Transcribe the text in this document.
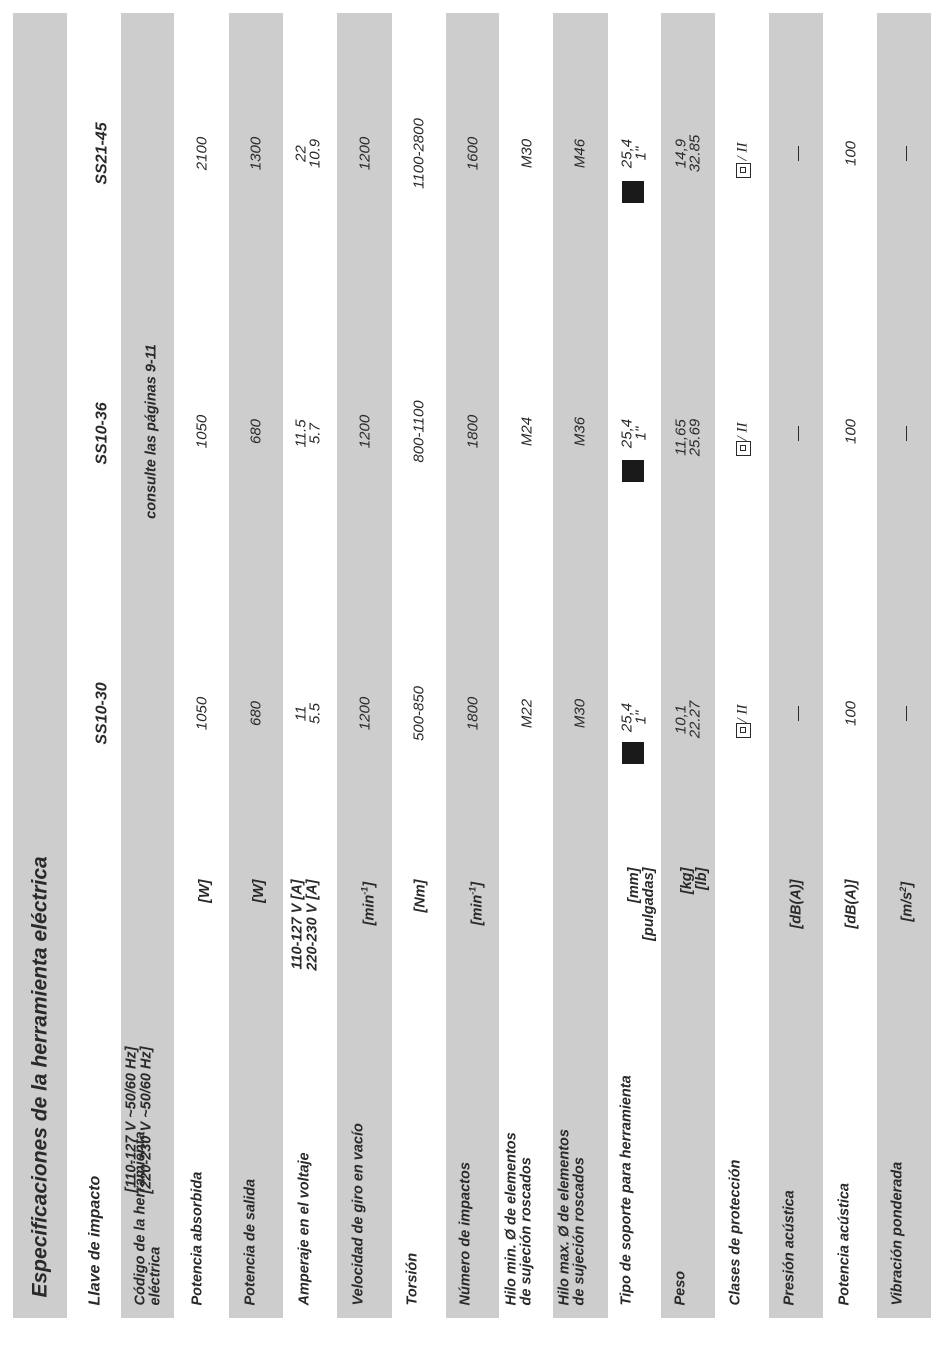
Especificaciones de la herramienta eléctrica Llave de impacto
SS10-30
SS10-36
SS21-45
Código de la herramienta eléctrica
[110-127 V ~50/60 Hz] [220-230 V ~50/60 Hz]
consulte las páginas 9-11
Potencia absorbida
[W]
1050
1050
2100
Potencia de salida
[W]
680
680
1300
Amperaje en el voltaje
110-127 V [A] 220-230 V [A]
11
5.5
11.5
5.7
22
10.9
Velocidad de giro en vacío
$[\min^{-1}]$
1200
1200
1200
Torsión
[Nm]
500-850
800-1100
1100-2800
Número de impactos
$[\min^{-1}]$
1800
1800
1600
Hilo min. Ø de elementos de sujeción roscados
M22
M24
M30
Hilo max. Ø de elementos de sujeción roscados
M30
M36
M46
Tipo de soporte para herramienta
[mm] [pulgadas]
25,4
1"
25,4
1"
25,4
1"
Peso
[kg] [lb]
10,1
22.27
11,65
25.69
14,9
32.85
Clases de protección
/ II
/ II
/ II
Presión acústica
[dB(A)]
—
—
—
Potencia acústica
[dB(A)]
100
100
100
Vibración ponderada
$[m/s^2]$
—
—
—
